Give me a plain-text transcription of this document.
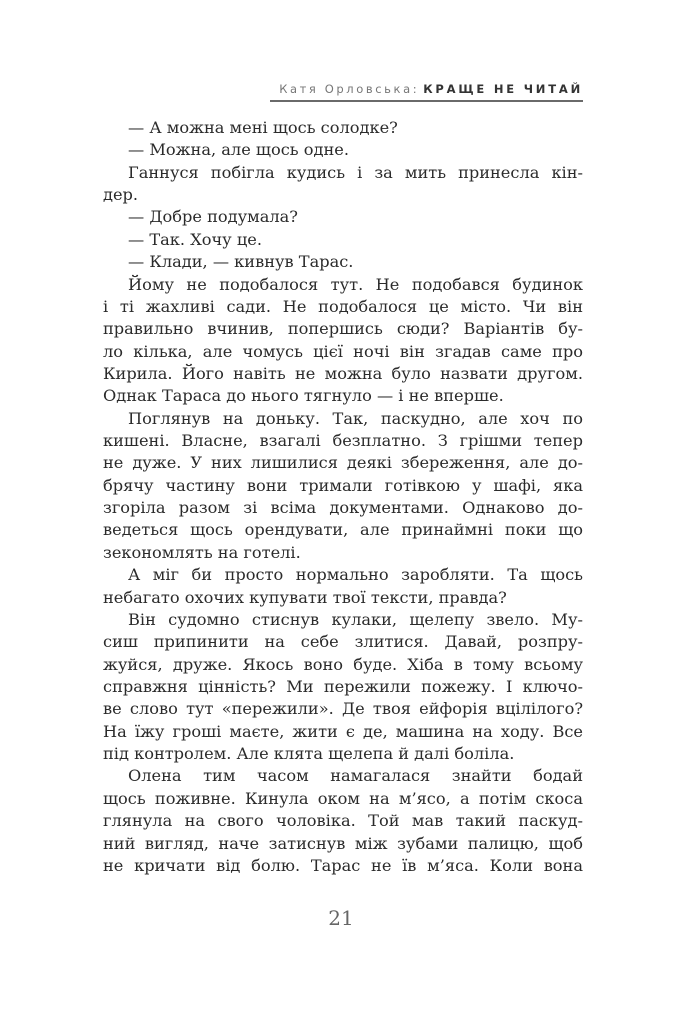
Катя Орловська: КРАЩЕ НЕ ЧИТАЙ
— А можна мені щось солодке?
— Можна, але щось одне.
Ганнуся побігла кудись і за мить принесла кін-
дер.
— Добре подумала?
— Так. Хочу це.
— Клади, — кивнув Тарас.
Йому не подобалося тут. Не подобався будинок
і ті жахливі сади. Не подобалося це місто. Чи він
правильно вчинив, попершись сюди? Варіантів бу-
ло кілька, але чомусь цієї ночі він згадав саме про
Кирила. Його навіть не можна було назвати другом.
Однак Тараса до нього тягнуло — і не вперше.
Поглянув на доньку. Так, паскудно, але хоч по
кишені. Власне, взагалі безплатно. З грішми тепер
не дуже. У них лишилися деякі збереження, але до-
брячу частину вони тримали готівкою у шафі, яка
згоріла разом зі всіма документами. Однаково до-
ведеться щось орендувати, але принаймні поки що
зекономлять на готелі.
А міг би просто нормально заробляти. Та щось
небагато охочих купувати твої тексти, правда?
Він судомно стиснув кулаки, щелепу звело. Му-
сиш припинити на себе злитися. Давай, розпру-
жуйся, друже. Якось воно буде. Хіба в тому всьому
справжня цінність? Ми пережили пожежу. І ключо-
ве слово тут «пережили». Де твоя ейфорія вцілілого?
На їжу гроші маєте, жити є де, машина на ходу. Все
під контролем. Але клята щелепа й далі боліла.
Олена тим часом намагалася знайти бодай
щось поживне. Кинула оком на м’ясо, а потім скоса
глянула на свого чоловіка. Той мав такий паскуд-
ний вигляд, наче затиснув між зубами палицю, щоб
не кричати від болю. Тарас не їв м’яса. Коли вона
21
